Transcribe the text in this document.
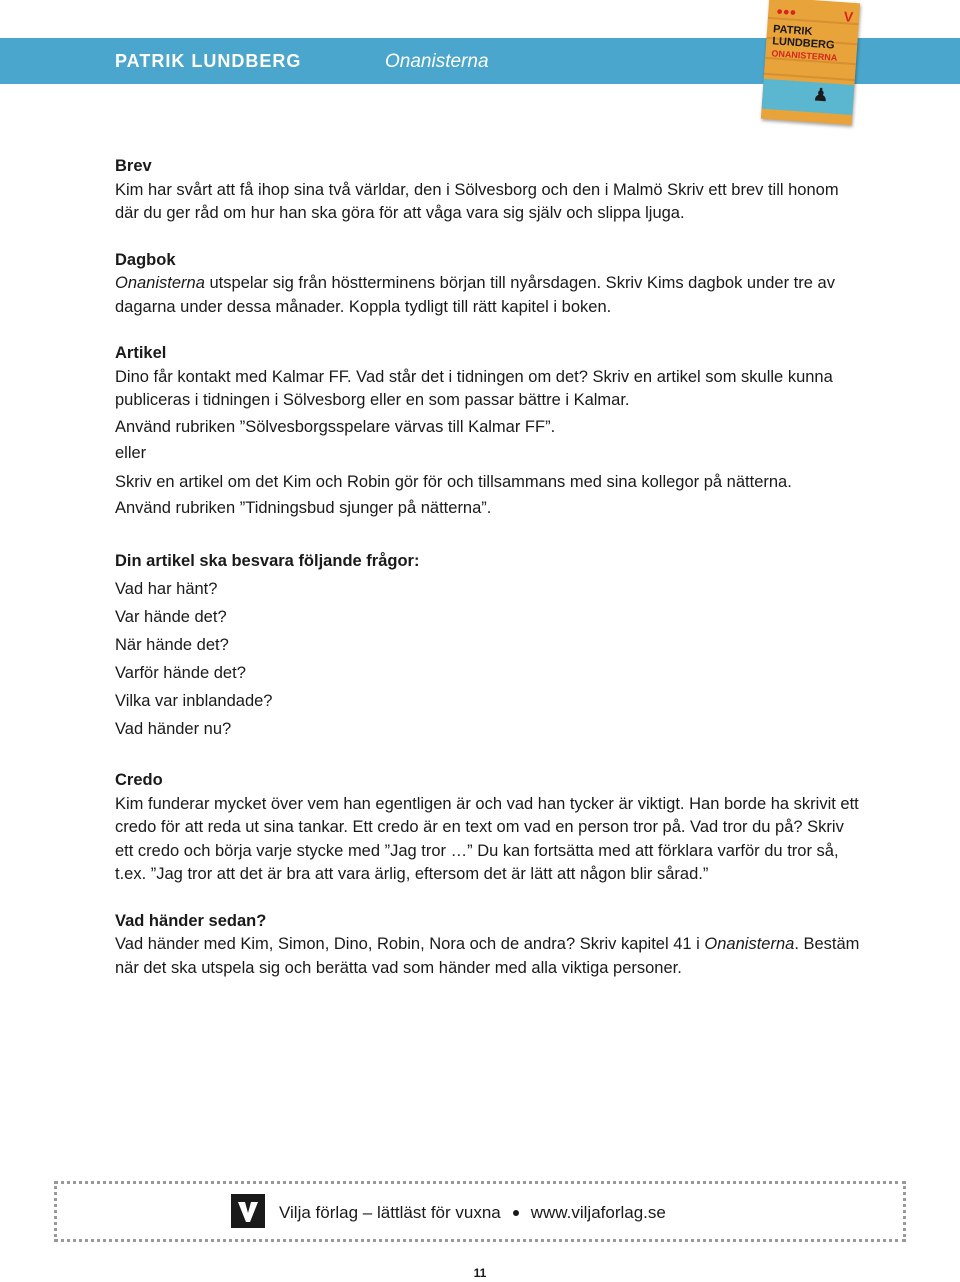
PATRIK LUNDBERG	Onanisterna
●●●	V
PATRIK
LUNDBERG
ONANISTERNA
♟

Brev

Kim har svårt att få ihop sina två världar, den i Sölvesborg och den i Malmö Skriv ett brev till honom där du ger råd om hur han ska göra för att våga vara sig själv och slippa ljuga.

Dagbok

Onanisterna utspelar sig från höstterminens början till nyårsdagen. Skriv Kims dagbok under tre av dagarna under dessa månader. Koppla tydligt till rätt kapitel i boken.

Artikel

Dino får kontakt med Kalmar FF. Vad står det i tidningen om det? Skriv en artikel som skulle kunna publiceras i tidningen i Sölvesborg eller en som passar bättre i Kalmar.

Använd rubriken ”Sölvesborgsspelare värvas till Kalmar FF”.

eller

Skriv en artikel om det Kim och Robin gör för och tillsammans med sina kollegor på nätterna.

Använd rubriken ”Tidningsbud sjunger på nätterna”.

Din artikel ska besvara följande frågor:

Vad har hänt?

Var hände det?

När hände det?

Varför hände det?

Vilka var inblandade?

Vad händer nu?

Credo

Kim funderar mycket över vem han egentligen är och vad han tycker är viktigt. Han borde ha skrivit ett credo för att reda ut sina tankar. Ett credo är en text om vad en person tror på. Vad tror du på? Skriv ett credo och börja varje stycke med ”Jag tror …” Du kan fortsätta med att förklara varför du tror så, t.ex. ”Jag tror att det är bra att vara ärlig, eftersom det är lätt att någon blir sårad.”

Vad händer sedan?

Vad händer med Kim, Simon, Dino, Robin, Nora och de andra? Skriv kapitel 41 i Onanisterna. Bestäm när det ska utspela sig och berätta vad som händer med alla viktiga personer.

Vilja förlag – lättläst för vuxna www.viljaforlag.se
11
